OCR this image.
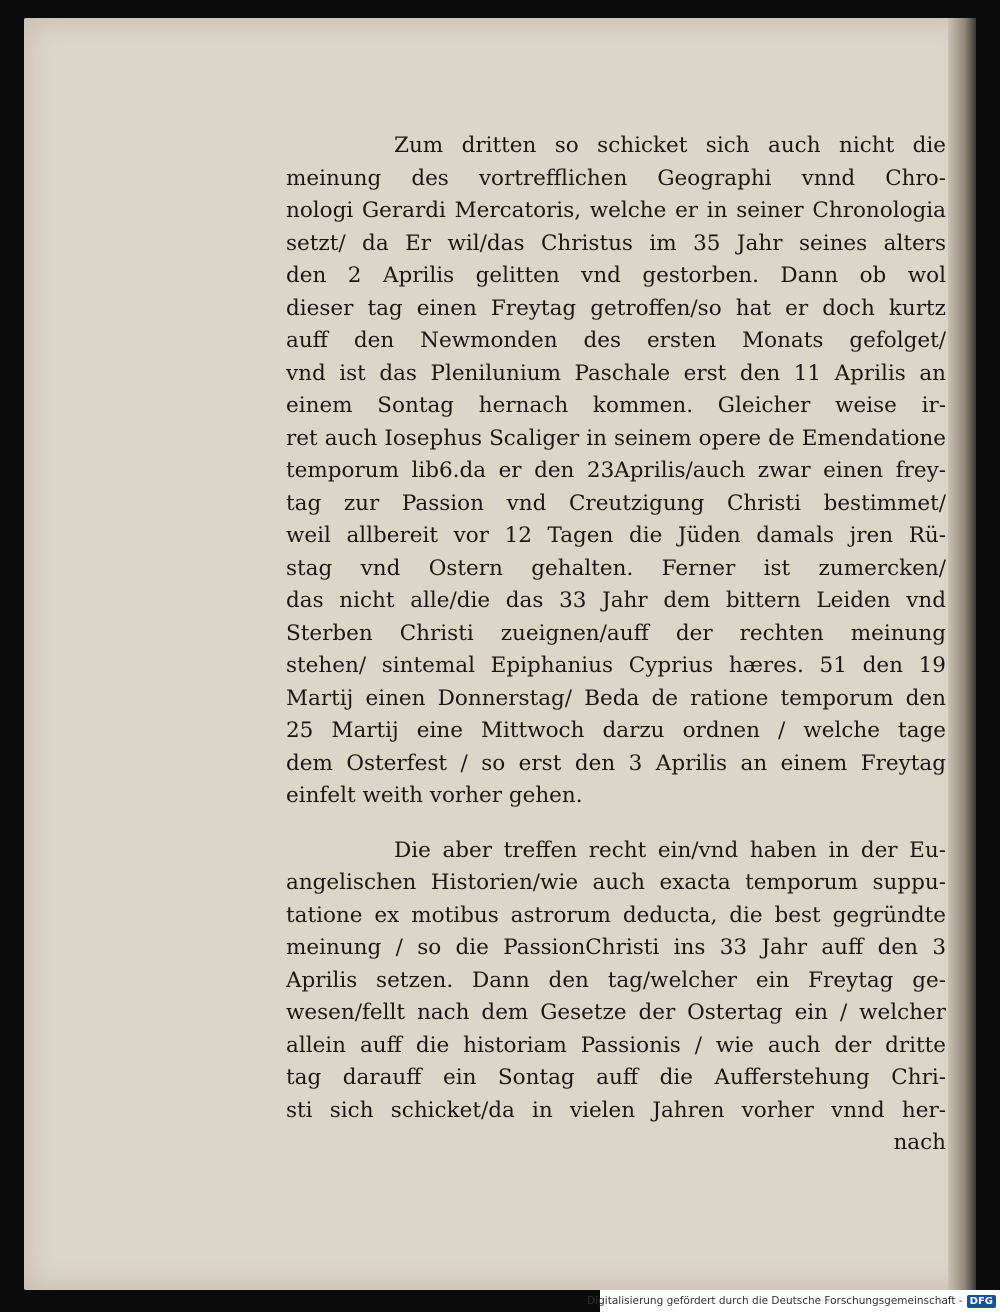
Zum dritten so schicket sich auch nicht die
meinung des vortrefflichen Geographi vnnd Chro-
nologi Gerardi Mercatoris, welche er in seiner Chronologia
setzt/ da Er wil/das Christus im 35 Jahr seines alters
den 2 Aprilis gelitten vnd gestorben. Dann ob wol
dieser tag einen Freytag getroffen/so hat er doch kurtz
auff den Newmonden des ersten Monats gefolget/
vnd ist das Plenilunium Paschale erst den 11 Aprilis an
einem Sontag hernach kommen. Gleicher weise ir-
ret auch Iosephus Scaliger in seinem opere de Emendatione
temporum lib6.da er den 23Aprilis/auch zwar einen frey-
tag zur Passion vnd Creutzigung Christi bestimmet/
weil allbereit vor 12 Tagen die Jüden damals jren Rü-
stag vnd Ostern gehalten. Ferner ist zumercken/
das nicht alle/die das 33 Jahr dem bittern Leiden vnd
Sterben Christi zueignen/auff der rechten meinung
stehen/ sintemal Epiphanius Cyprius hæres. 51 den 19
Martij einen Donnerstag/ Beda de ratione temporum den
25 Martij eine Mittwoch darzu ordnen / welche tage
dem Osterfest / so erst den 3 Aprilis an einem Freytag
einfelt weith vorher gehen.
Die aber treffen recht ein/vnd haben in der Eu-
angelischen Historien/wie auch exacta temporum suppu-
tatione ex motibus astrorum deducta, die best gegründte
meinung / so die PassionChristi ins 33 Jahr auff den 3
Aprilis setzen. Dann den tag/welcher ein Freytag ge-
wesen/fellt nach dem Gesetze der Ostertag ein / welcher
allein auff die historiam Passionis / wie auch der dritte
tag darauff ein Sontag auff die Aufferstehung Chri-
sti sich schicket/da in vielen Jahren vorher vnnd her-
nach
Digitalisierung gefördert durch die Deutsche Forschungsgemeinschaft - DFG
